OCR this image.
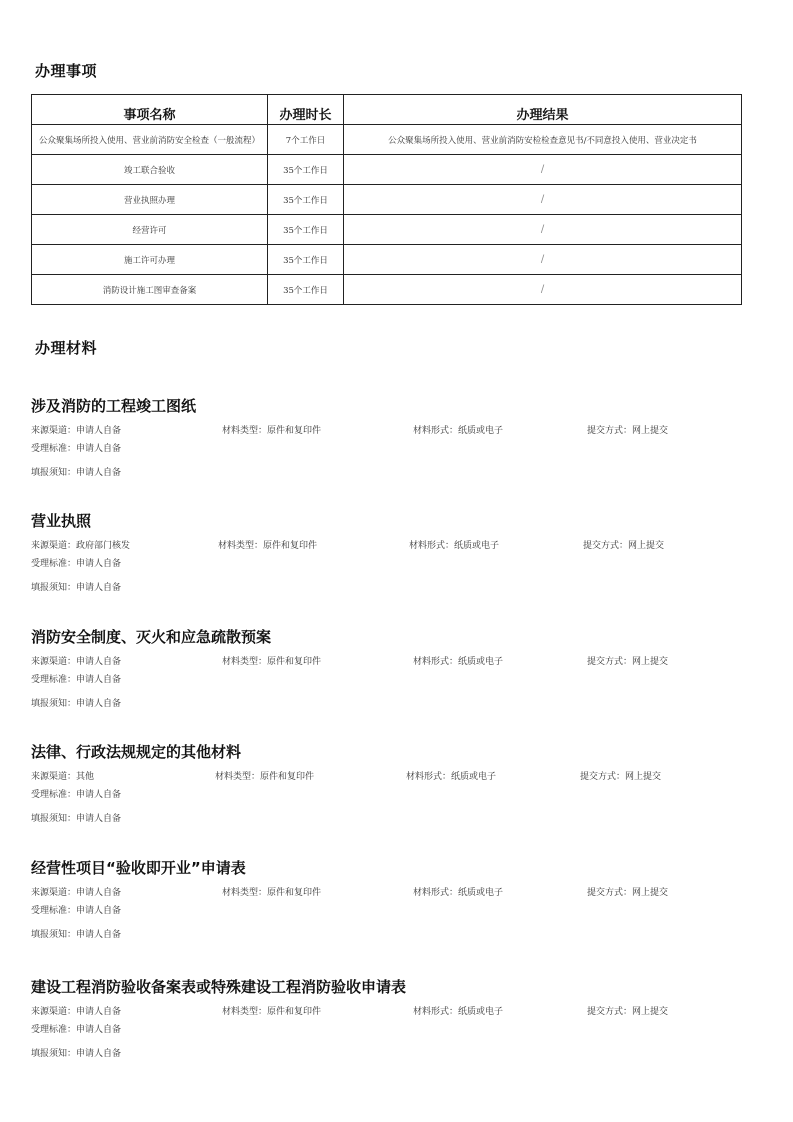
办理事项
事项名称	办理时长	办理结果
公众聚集场所投入使用、营业前消防安全检查（一般流程）	7个工作日	公众聚集场所投入使用、营业前消防安检检查意见书/不同意投入使用、营业决定书
竣工联合验收	35个工作日	/
营业执照办理	35个工作日	/
经营许可	35个工作日	/
施工许可办理	35个工作日	/
消防设计施工图审查备案	35个工作日	/
办理材料
涉及消防的工程竣工图纸
来源渠道：申请人自备	材料类型：原件和复印件	材料形式：纸质或电子	提交方式：网上提交
受理标准：申请人自备
填报须知：申请人自备
营业执照
来源渠道：政府部门核发	材料类型：原件和复印件	材料形式：纸质或电子	提交方式：网上提交
受理标准：申请人自备
填报须知：申请人自备
消防安全制度、灭火和应急疏散预案
来源渠道：申请人自备	材料类型：原件和复印件	材料形式：纸质或电子	提交方式：网上提交
受理标准：申请人自备
填报须知：申请人自备
法律、行政法规规定的其他材料
来源渠道：其他	材料类型：原件和复印件	材料形式：纸质或电子	提交方式：网上提交
受理标准：申请人自备
填报须知：申请人自备
经营性项目“验收即开业”申请表
来源渠道：申请人自备	材料类型：原件和复印件	材料形式：纸质或电子	提交方式：网上提交
受理标准：申请人自备
填报须知：申请人自备
建设工程消防验收备案表或特殊建设工程消防验收申请表
来源渠道：申请人自备	材料类型：原件和复印件	材料形式：纸质或电子	提交方式：网上提交
受理标准：申请人自备
填报须知：申请人自备
